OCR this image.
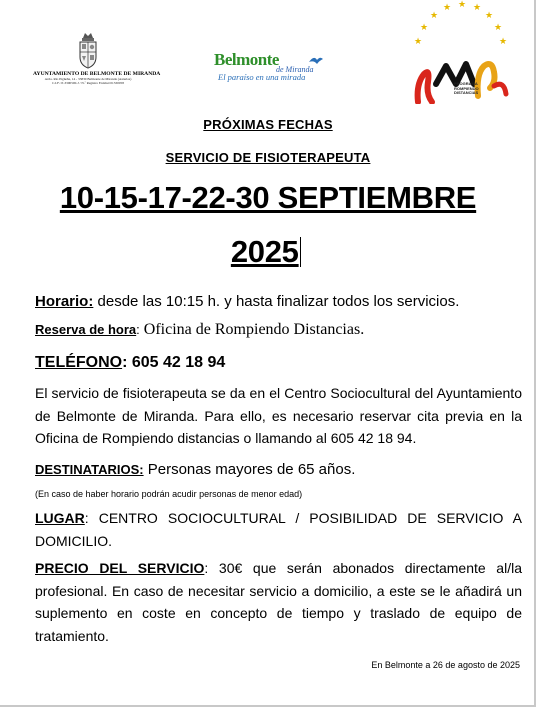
AYUNTAMIENTO DE BELMONTE DE MIRANDA
Avda. Río Pigüeña, 14 - 33830 Belmonte de Miranda (Asturias)
C.I.F.: P-3300500-J / N.º Registro Entidad 01330058
Belmonte
de Miranda
El paraíso en una mirada
★
★
★
★ ★ ★
★
★
★
PROGRAMA
ROMPIENDO
DISTANCIAS
PRÓXIMAS FECHAS
SERVICIO DE FISIOTERAPEUTA
10-15-17-22-30 SEPTIEMBRE
2025
Horario: desde las 10:15 h. y hasta finalizar todos los servicios.
Reserva de hora: Oficina de Rompiendo Distancias.
TELÉFONO: 605 42 18 94
El servicio de fisioterapeuta se da en el Centro Sociocultural del Ayuntamiento de Belmonte de Miranda. Para ello, es necesario reservar cita previa en la Oficina de Rompiendo distancias o llamando al 605 42 18 94.
DESTINATARIOS: Personas mayores de 65 años.
(En caso de haber horario podrán acudir personas de menor edad)
LUGAR: CENTRO SOCIOCULTURAL / POSIBILIDAD DE SERVICIO A DOMICILIO.
PRECIO DEL SERVICIO: 30€ que serán abonados directamente al/la profesional. En caso de necesitar servicio a domicilio, a este se le añadirá un suplemento en coste en concepto de tiempo y traslado de equipo de tratamiento.
En Belmonte a 26 de agosto de 2025
